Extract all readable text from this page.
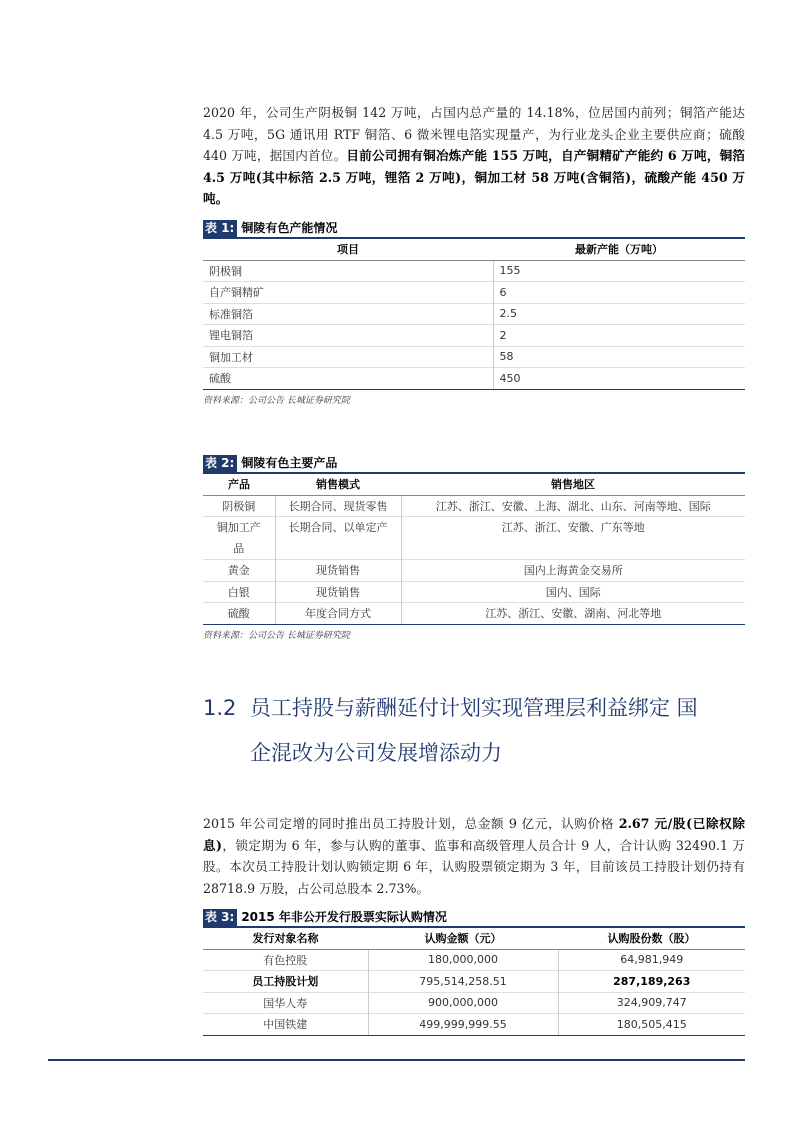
2020 年，公司生产阴极铜 142 万吨，占国内总产量的 14.18%，位居国内前列；铜箔产能达 4.5 万吨，5G 通讯用 RTF 铜箔、6 微米锂电箔实现量产，为行业龙头企业主要供应商；硫酸 440 万吨，据国内首位。目前公司拥有铜冶炼产能 155 万吨，自产铜精矿产能约 6 万吨，铜箔 4.5 万吨(其中标箔 2.5 万吨，锂箔 2 万吨)，铜加工材 58 万吨(含铜箔)，硫酸产能 450 万吨。
表 1: 铜陵有色产能情况
项目	最新产能（万吨）
阴极铜	155
自产铜精矿	6
标准铜箔	2.5
锂电铜箔	2
铜加工材	58
硫酸	450
资料来源：公司公告 长城证券研究院
表 2: 铜陵有色主要产品
产品	销售模式	销售地区
阴极铜	长期合同、现货零售	江苏、浙江、安徽、上海、湖北、山东、河南等地、国际
铜加工产品	长期合同、以单定产	江苏、浙江、安徽、广东等地
黄金	现货销售	国内上海黄金交易所
白银	现货销售	国内、国际
硫酸	年度合同方式	江苏、浙江、安徽、湖南、河北等地
资料来源：公司公告 长城证券研究院
1.2 员工持股与薪酬延付计划实现管理层利益绑定 国
企混改为公司发展增添动力
2015 年公司定增的同时推出员工持股计划，总金额 9 亿元，认购价格 2.67 元/股(已除权除息)，锁定期为 6 年，参与认购的董事、监事和高级管理人员合计 9 人，合计认购 32490.1 万股。本次员工持股计划认购锁定期 6 年，认购股票锁定期为 3 年，目前该员工持股计划仍持有 28718.9 万股，占公司总股本 2.73%。
表 3: 2015 年非公开发行股票实际认购情况
发行对象名称	认购金额（元）	认购股份数（股）
有色控股	180,000,000	64,981,949
员工持股计划	795,514,258.51	287,189,263
国华人寿	900,000,000	324,909,747
中国铁建	499,999,999.55	180,505,415
